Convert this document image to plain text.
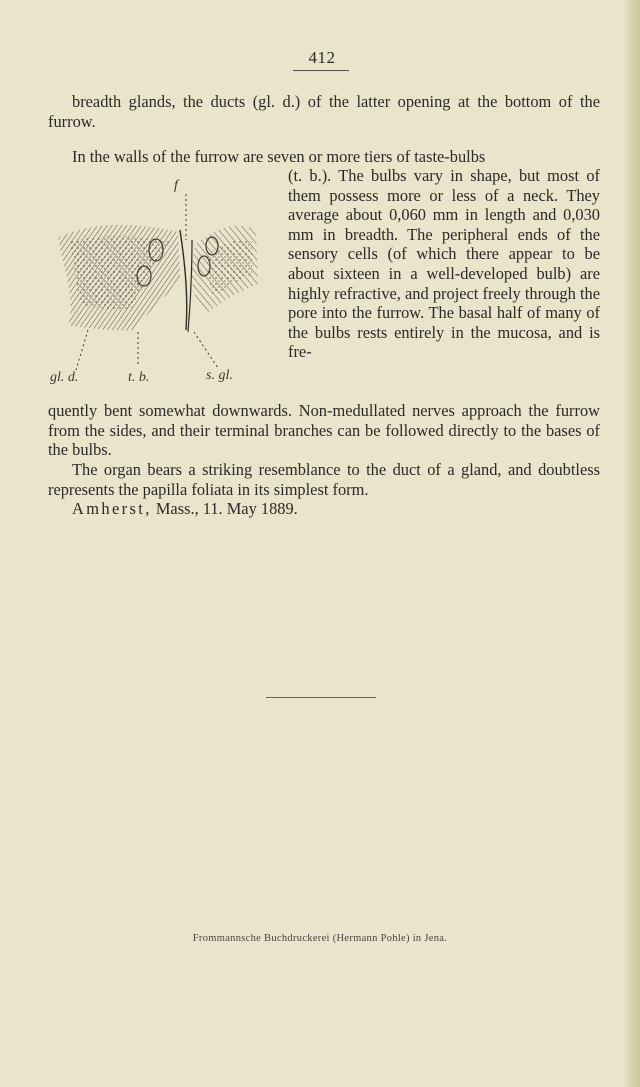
412
breadth glands, the ducts (gl. d.) of the latter opening at the bottom of the furrow.
In the walls of the furrow are seven or more tiers of taste-bulbs
f
gl. d.	t. b.	s. gl.
(t. b.). The bulbs vary in shape, but most of them possess more or less of a neck. They average about 0,060 mm in length and 0,030 mm in breadth. The peripheral ends of the sensory cells (of which there appear to be about sixteen in a well-developed bulb) are highly refractive, and project freely through the pore into the furrow. The basal half of many of the bulbs rests entirely in the mucosa, and is fre-
quently bent somewhat downwards. Non-medullated nerves approach the furrow from the sides, and their terminal branches can be followed directly to the bases of the bulbs.
The organ bears a striking resemblance to the duct of a gland, and doubtless represents the papilla foliata in its simplest form.
Amherst, Mass., 11. May 1889.
Frommannsche Buchdruckerei (Hermann Pohle) in Jena.
